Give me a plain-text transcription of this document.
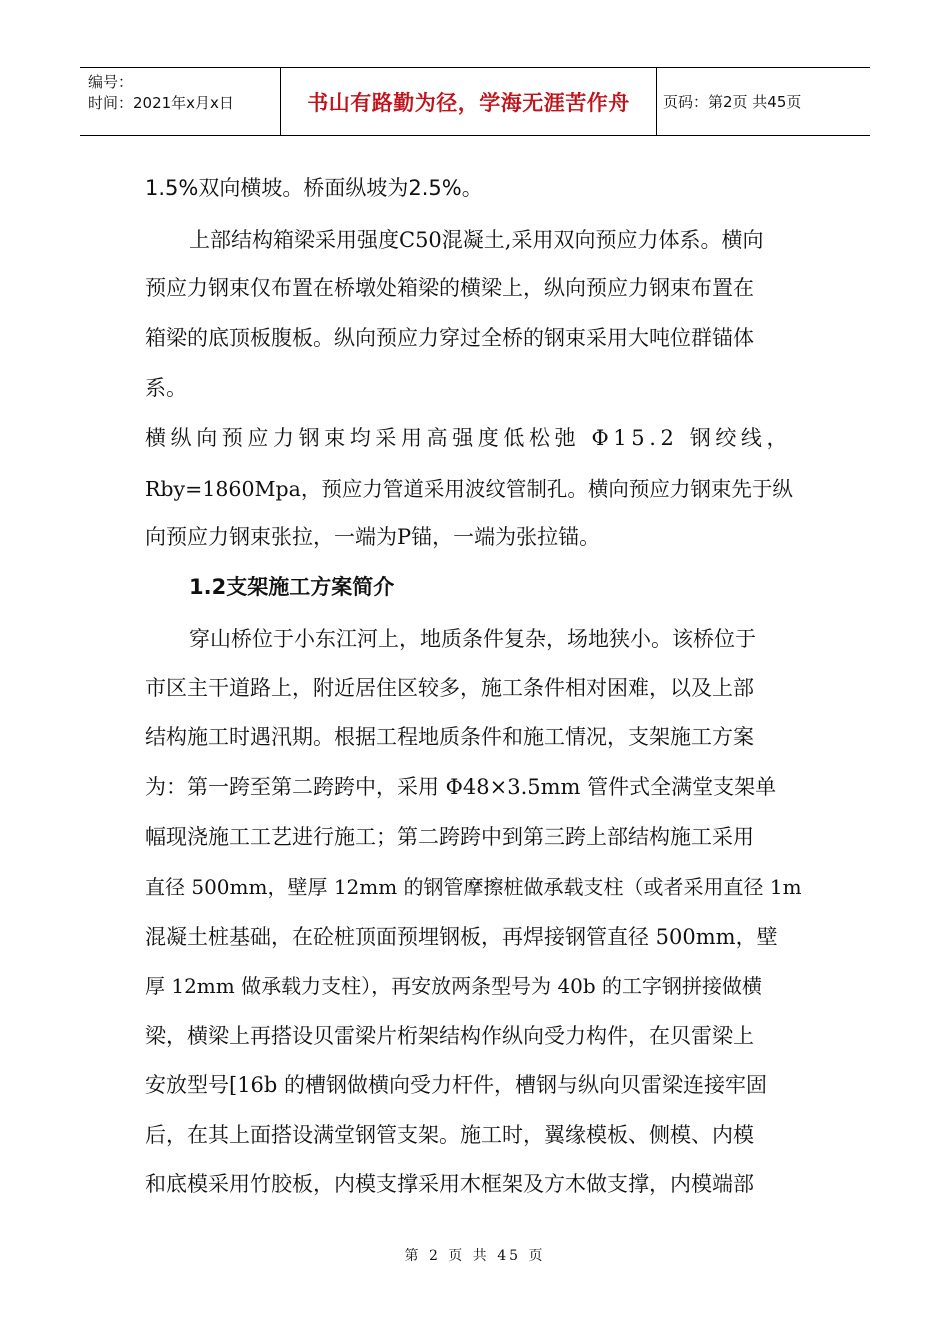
编号：
时间：2021年x月x日	书山有路勤为径，学海无涯苦作舟	页码：第2页 共45页
1.5%双向横坡。桥面纵坡为2.5%。
上部结构箱梁采用强度C50混凝土,采用双向预应力体系。横向
预应力钢束仅布置在桥墩处箱梁的横梁上，纵向预应力钢束布置在
箱梁的底顶板腹板。纵向预应力穿过全桥的钢束采用大吨位群锚体
系。
横纵向预应力钢束均采用高强度低松弛 Φ15.2 钢绞线，
Rby=1860Mpa，预应力管道采用波纹管制孔。横向预应力钢束先于纵
向预应力钢束张拉，一端为P锚，一端为张拉锚。
1.2支架施工方案简介
穿山桥位于小东江河上，地质条件复杂，场地狭小。该桥位于
市区主干道路上，附近居住区较多，施工条件相对困难，以及上部
结构施工时遇汛期。根据工程地质条件和施工情况，支架施工方案
为：第一跨至第二跨跨中，采用 Φ48×3.5mm 管件式全满堂支架单
幅现浇施工工艺进行施工；第二跨跨中到第三跨上部结构施工采用
直径 500mm，壁厚 12mm 的钢管摩擦桩做承载支柱（或者采用直径 1m
混凝土桩基础，在砼桩顶面预埋钢板，再焊接钢管直径 500mm，壁
厚 12mm 做承载力支柱），再安放两条型号为 40b 的工字钢拼接做横
梁，横梁上再搭设贝雷梁片桁架结构作纵向受力构件，在贝雷梁上
安放型号[16b 的槽钢做横向受力杆件，槽钢与纵向贝雷梁连接牢固
后，在其上面搭设满堂钢管支架。施工时，翼缘模板、侧模、内模
和底模采用竹胶板，内模支撑采用木框架及方木做支撑，内模端部
第 2 页 共 45 页
